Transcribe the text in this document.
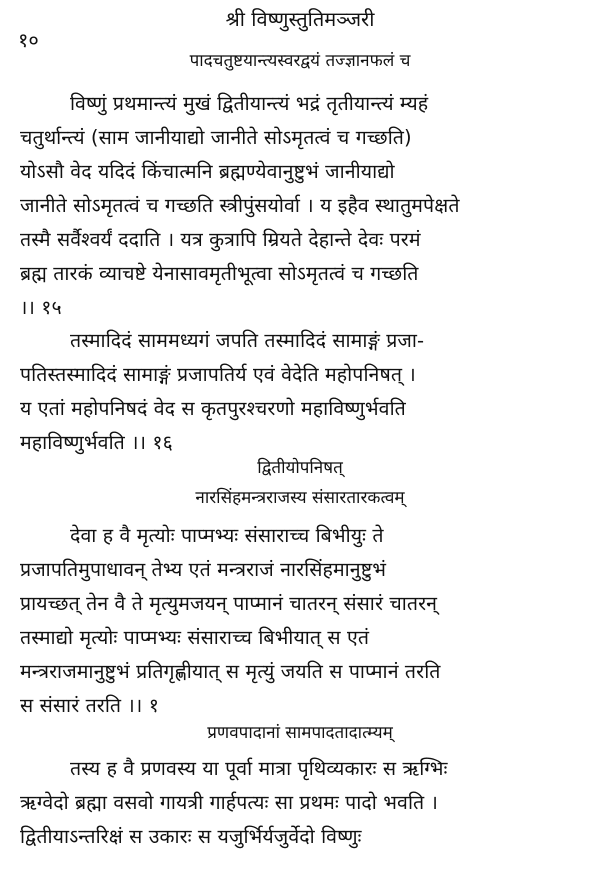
श्री विष्णुस्तुतिमञ्जरी
१०
पादचतुष्टयान्त्यस्वरद्वयं तज्ज्ञानफलं च
विष्णुं प्रथमान्त्यं मुखं द्वितीयान्त्यं भद्रं तृतीयान्त्यं म्यहं
चतुर्थान्त्यं (साम जानीयाद्यो जानीते सोऽमृतत्वं च गच्छति)
योऽसौ वेद यदिदं किंचात्मनि ब्रह्मण्येवानुष्टुभं जानीयाद्यो
जानीते सोऽमृतत्वं च गच्छति स्त्रीपुंसयोर्वा । य इहैव स्थातुमपेक्षते
तस्मै सर्वैश्वर्यं ददाति । यत्र कुत्रापि म्रियते देहान्ते देवः परमं
ब्रह्म तारकं व्याचष्टे येनासावमृतीभूत्वा सोऽमृतत्वं च गच्छति
।। १५
तस्मादिदं साममध्यगं जपति तस्मादिदं सामाङ्गं प्रजा-
पतिस्तस्मादिदं सामाङ्गं प्रजापतिर्य एवं वेदेति महोपनिषत् ।
य एतां महोपनिषदं वेद स कृतपुरश्चरणो महाविष्णुर्भवति
महाविष्णुर्भवति ।। १६
द्वितीयोपनिषत्
नारसिंहमन्त्रराजस्य संसारतारकत्वम्
देवा ह वै मृत्योः पाप्मभ्यः संसाराच्च बिभीयुः ते
प्रजापतिमुपाधावन् तेभ्य एतं मन्त्रराजं नारसिंहमानुष्टुभं
प्रायच्छत् तेन वै ते मृत्युमजयन् पाप्मानं चातरन् संसारं चातरन्
तस्माद्यो मृत्योः पाप्मभ्यः संसाराच्च बिभीयात् स एतं
मन्त्रराजमानुष्टुभं प्रतिगृह्णीयात् स मृत्युं जयति स पाप्मानं तरति
स संसारं तरति ।। १
प्रणवपादानां सामपादतादात्म्यम्
तस्य ह वै प्रणवस्य या पूर्वा मात्रा पृथिव्यकारः स ऋग्भिः
ऋग्वेदो ब्रह्मा वसवो गायत्री गार्हपत्यः सा प्रथमः पादो भवति ।
द्वितीयाऽन्तरिक्षं स उकारः स यजुर्भिर्यजुर्वेदो विष्णुः
